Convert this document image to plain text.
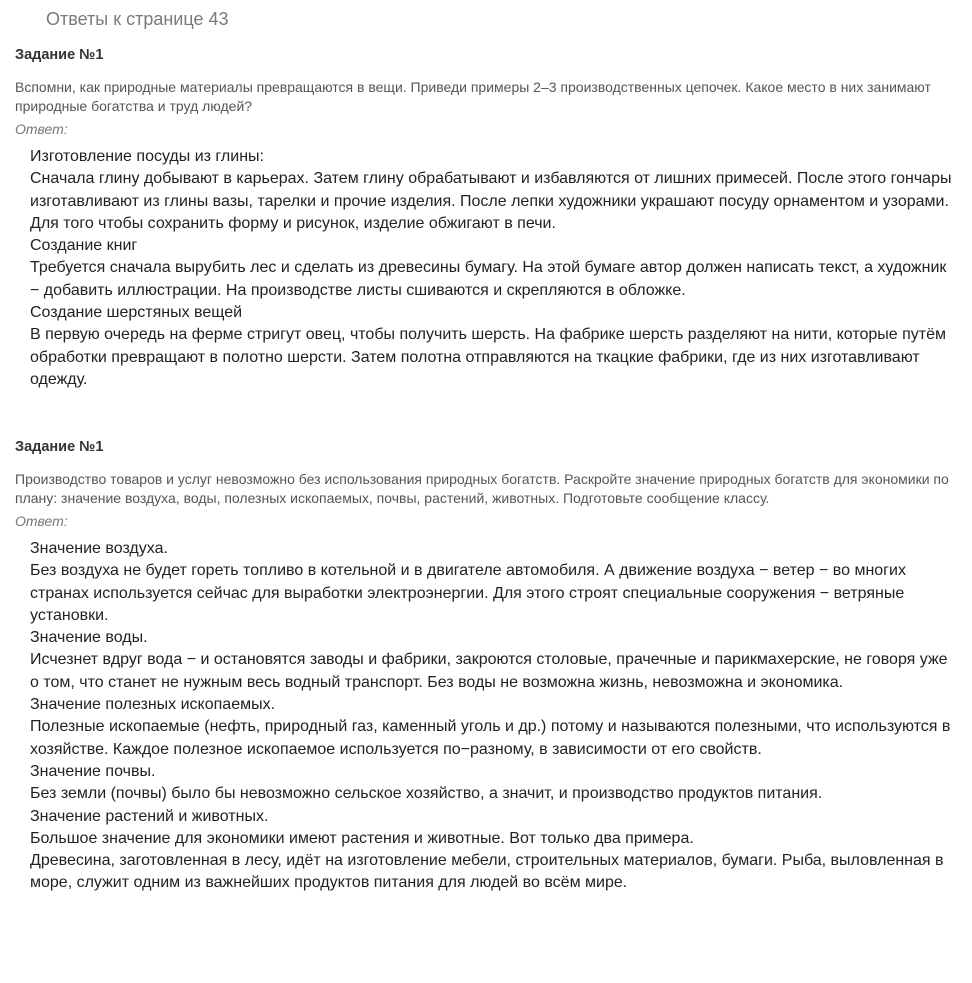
Ответы к странице 43
Задание №1
Вспомни, как природные материалы превращаются в вещи. Приведи примеры 2–3 производственных цепочек. Какое место в них занимают природные богатства и труд людей?
Ответ:
Изготовление посуды из глины:
Сначала глину добывают в карьерах. Затем глину обрабатывают и избавляются от лишних примесей. После этого гончары изготавливают из глины вазы, тарелки и прочие изделия. После лепки художники украшают посуду орнаментом и узорами. Для того чтобы сохранить форму и рисунок, изделие обжигают в печи.
Создание книг
Требуется сначала вырубить лес и сделать из древесины бумагу. На этой бумаге автор должен написать текст, а художник − добавить иллюстрации. На производстве листы сшиваются и скрепляются в обложке.
Создание шерстяных вещей
В первую очередь на ферме стригут овец, чтобы получить шерсть. На фабрике шерсть разделяют на нити, которые путём обработки превращают в полотно шерсти. Затем полотна отправляются на ткацкие фабрики, где из них изготавливают одежду.
Задание №1
Производство товаров и услуг невозможно без использования природных богатств. Раскройте значение природных богатств для экономики по плану: значение воздуха, воды, полезных ископаемых, почвы, растений, животных. Подготовьте сообщение классу.
Ответ:
Значение воздуха.
Без воздуха не будет гореть топливо в котельной и в двигателе автомобиля. А движение воздуха − ветер − во многих странах используется сейчас для выработки электроэнергии. Для этого строят специальные сооружения − ветряные установки.
Значение воды.
Исчезнет вдруг вода − и остановятся заводы и фабрики, закроются столовые, прачечные и парикмахерские, не говоря уже о том, что станет не нужным весь водный транспорт. Без воды не возможна жизнь, невозможна и экономика.
Значение полезных ископаемых.
Полезные ископаемые (нефть, природный газ, каменный уголь и др.) потому и называются полезными, что используются в хозяйстве. Каждое полезное ископаемое используется по−разному, в зависимости от его свойств.
Значение почвы.
Без земли (почвы) было бы невозможно сельское хозяйство, а значит, и производство продуктов питания.
Значение растений и животных.
Большое значение для экономики имеют растения и животные. Вот только два примера.
Древесина, заготовленная в лесу, идёт на изготовление мебели, строительных материалов, бумаги. Рыба, выловленная в море, служит одним из важнейших продуктов питания для людей во всём мире.
